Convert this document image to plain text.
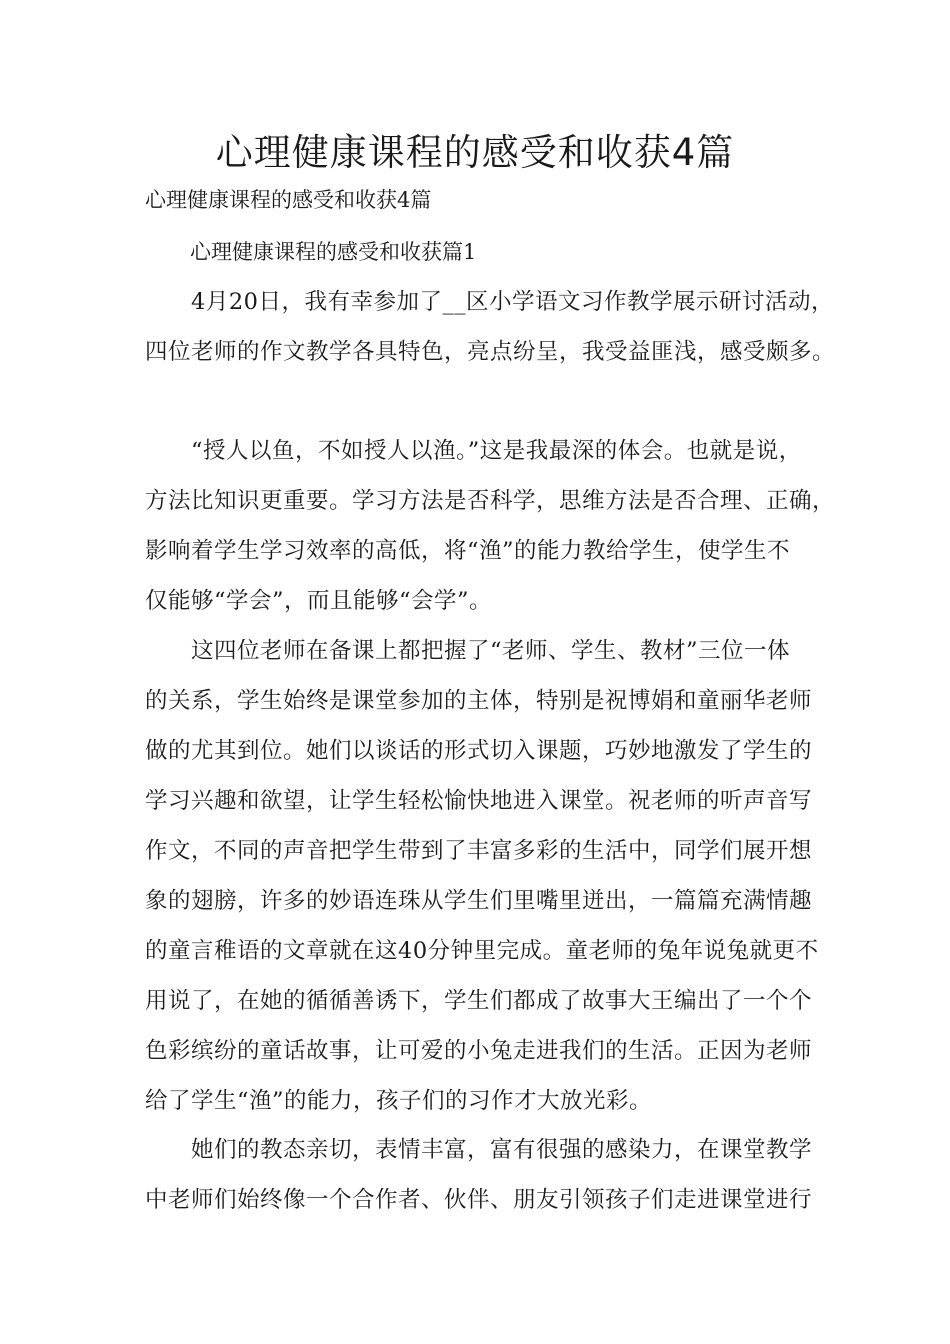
心理健康课程的感受和收获4篇

心理健康课程的感受和收获4篇

心理健康课程的感受和收获篇1

4月20日，我有幸参加了__区小学语文习作教学展示研讨活动，
四位老师的作文教学各具特色，亮点纷呈，我受益匪浅，感受颇多。
“授人以鱼，不如授人以渔。”这是我最深的体会。也就是说，
方法比知识更重要。学习方法是否科学，思维方法是否合理、正确，
影响着学生学习效率的高低，将“渔”的能力教给学生，使学生不
仅能够“学会”，而且能够“会学”。
这四位老师在备课上都把握了“老师、学生、教材”三位一体
的关系，学生始终是课堂参加的主体，特别是祝博娟和童丽华老师
做的尤其到位。她们以谈话的形式切入课题，巧妙地激发了学生的
学习兴趣和欲望，让学生轻松愉快地进入课堂。祝老师的听声音写
作文，不同的声音把学生带到了丰富多彩的生活中，同学们展开想
象的翅膀，许多的妙语连珠从学生们里嘴里迸出，一篇篇充满情趣
的童言稚语的文章就在这40分钟里完成。童老师的兔年说兔就更不
用说了，在她的循循善诱下，学生们都成了故事大王编出了一个个
色彩缤纷的童话故事，让可爱的小兔走进我们的生活。正因为老师
给了学生“渔”的能力，孩子们的习作才大放光彩。
她们的教态亲切，表情丰富，富有很强的感染力，在课堂教学
中老师们始终像一个合作者、伙伴、朋友引领孩子们走进课堂进行
